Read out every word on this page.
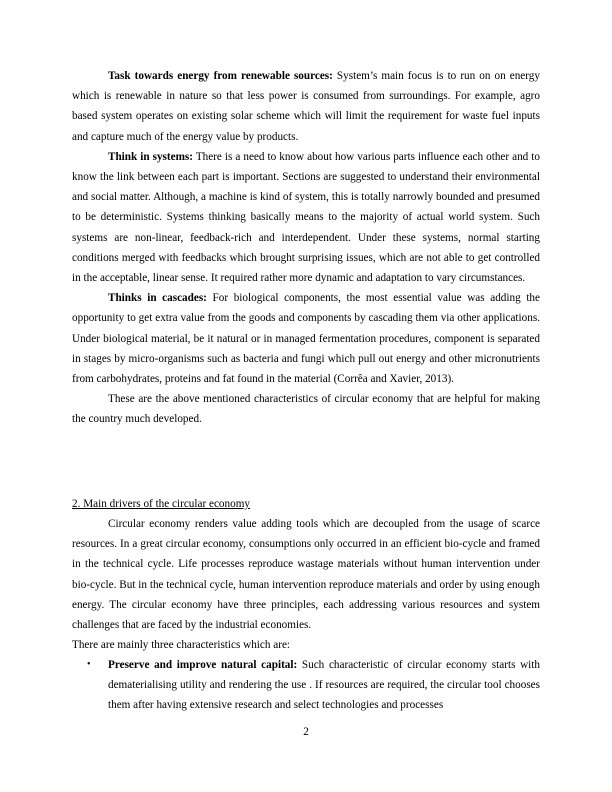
Task towards energy from renewable sources: System’s main focus is to run on on energy which is renewable in nature so that less power is consumed from surroundings. For example, agro based system operates on existing solar scheme which will limit the requirement for waste fuel inputs and capture much of the energy value by products.

Think in systems: There is a need to know about how various parts influence each other and to know the link between each part is important. Sections are suggested to understand their environmental and social matter. Although, a machine is kind of system, this is totally narrowly bounded and presumed to be deterministic. Systems thinking basically means to the majority of actual world system. Such systems are non-linear, feedback-rich and interdependent. Under these systems, normal starting conditions merged with feedbacks which brought surprising issues, which are not able to get controlled in the acceptable, linear sense. It required rather more dynamic and adaptation to vary circumstances.

Thinks in cascades: For biological components, the most essential value was adding the opportunity to get extra value from the goods and components by cascading them via other applications. Under biological material, be it natural or in managed fermentation procedures, component is separated in stages by micro-organisms such as bacteria and fungi which pull out energy and other micronutrients from carbohydrates, proteins and fat found in the material (Corrêa and Xavier, 2013).

These are the above mentioned characteristics of circular economy that are helpful for making the country much developed.

2. Main drivers of the circular economy

Circular economy renders value adding tools which are decoupled from the usage of scarce resources. In a great circular economy, consumptions only occurred in an efficient bio-cycle and framed in the technical cycle. Life processes reproduce wastage materials without human intervention under bio-cycle. But in the technical cycle, human intervention reproduce materials and order by using enough energy. The circular economy have three principles, each addressing various resources and system challenges that are faced by the industrial economies.

There are mainly three characteristics which are:

• Preserve and improve natural capital: Such characteristic of circular economy starts with dematerialising utility and rendering the use . If resources are required, the circular tool chooses them after having extensive research and select technologies and processes
2
